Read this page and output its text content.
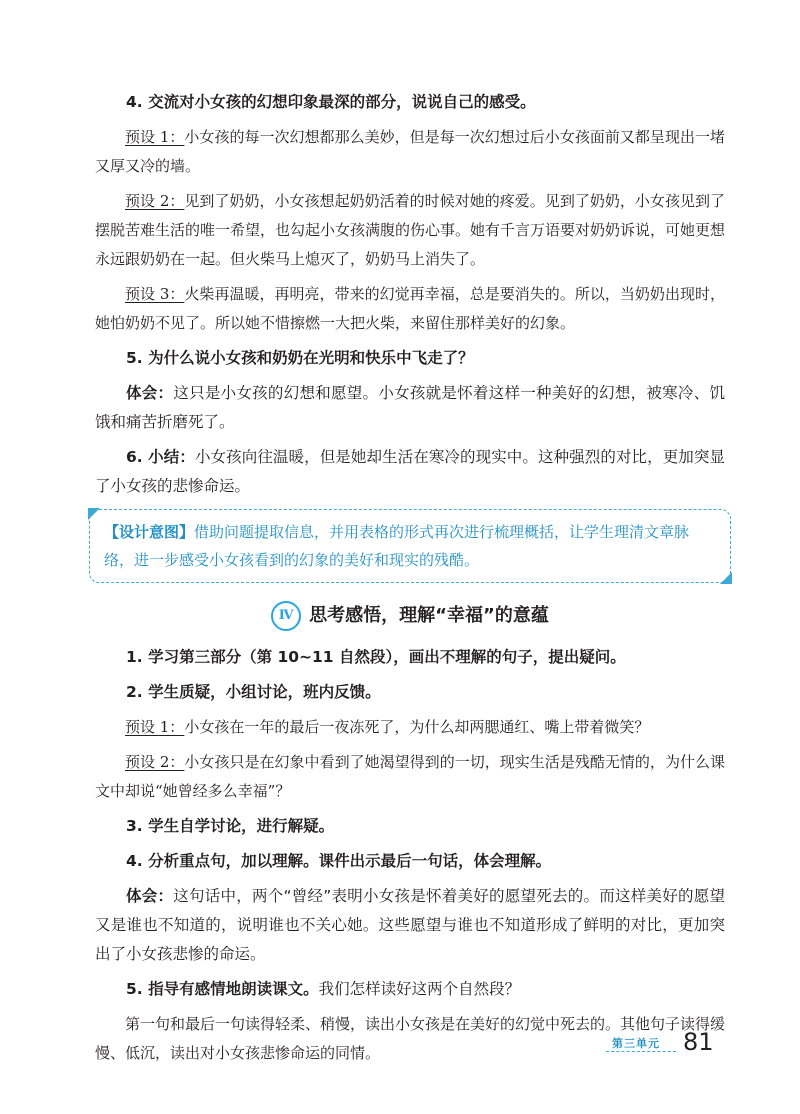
4. 交流对小女孩的幻想印象最深的部分，说说自己的感受。

预设 1：小女孩的每一次幻想都那么美妙，但是每一次幻想过后小女孩面前又都呈现出一堵又厚又冷的墙。

预设 2：见到了奶奶，小女孩想起奶奶活着的时候对她的疼爱。见到了奶奶，小女孩见到了摆脱苦难生活的唯一希望，也勾起小女孩满腹的伤心事。她有千言万语要对奶奶诉说，可她更想永远跟奶奶在一起。但火柴马上熄灭了，奶奶马上消失了。

预设 3：火柴再温暖，再明亮，带来的幻觉再幸福，总是要消失的。所以，当奶奶出现时，她怕奶奶不见了。所以她不惜擦燃一大把火柴，来留住那样美好的幻象。

5. 为什么说小女孩和奶奶在光明和快乐中飞走了？

体会：这只是小女孩的幻想和愿望。小女孩就是怀着这样一种美好的幻想，被寒冷、饥饿和痛苦折磨死了。

6. 小结：小女孩向往温暖，但是她却生活在寒冷的现实中。这种强烈的对比，更加突显了小女孩的悲惨命运。

【设计意图】借助问题提取信息，并用表格的形式再次进行梳理概括，让学生理清文章脉络，进一步感受小女孩看到的幻象的美好和现实的残酷。
Ⅳ 思考感悟，理解“幸福”的意蕴

1. 学习第三部分（第 10~11 自然段），画出不理解的句子，提出疑问。

2. 学生质疑，小组讨论，班内反馈。

预设 1：小女孩在一年的最后一夜冻死了，为什么却两腮通红、嘴上带着微笑？

预设 2：小女孩只是在幻象中看到了她渴望得到的一切，现实生活是残酷无情的，为什么课文中却说“她曾经多么幸福”？

3. 学生自学讨论，进行解疑。

4. 分析重点句，加以理解。课件出示最后一句话，体会理解。

体会：这句话中，两个“曾经”表明小女孩是怀着美好的愿望死去的。而这样美好的愿望又是谁也不知道的，说明谁也不关心她。这些愿望与谁也不知道形成了鲜明的对比，更加突出了小女孩悲惨的命运。

5. 指导有感情地朗读课文。我们怎样读好这两个自然段？

第一句和最后一句读得轻柔、稍慢，读出小女孩是在美好的幻觉中死去的。其他句子读得缓慢、低沉，读出对小女孩悲惨命运的同情。

第三单元 81
